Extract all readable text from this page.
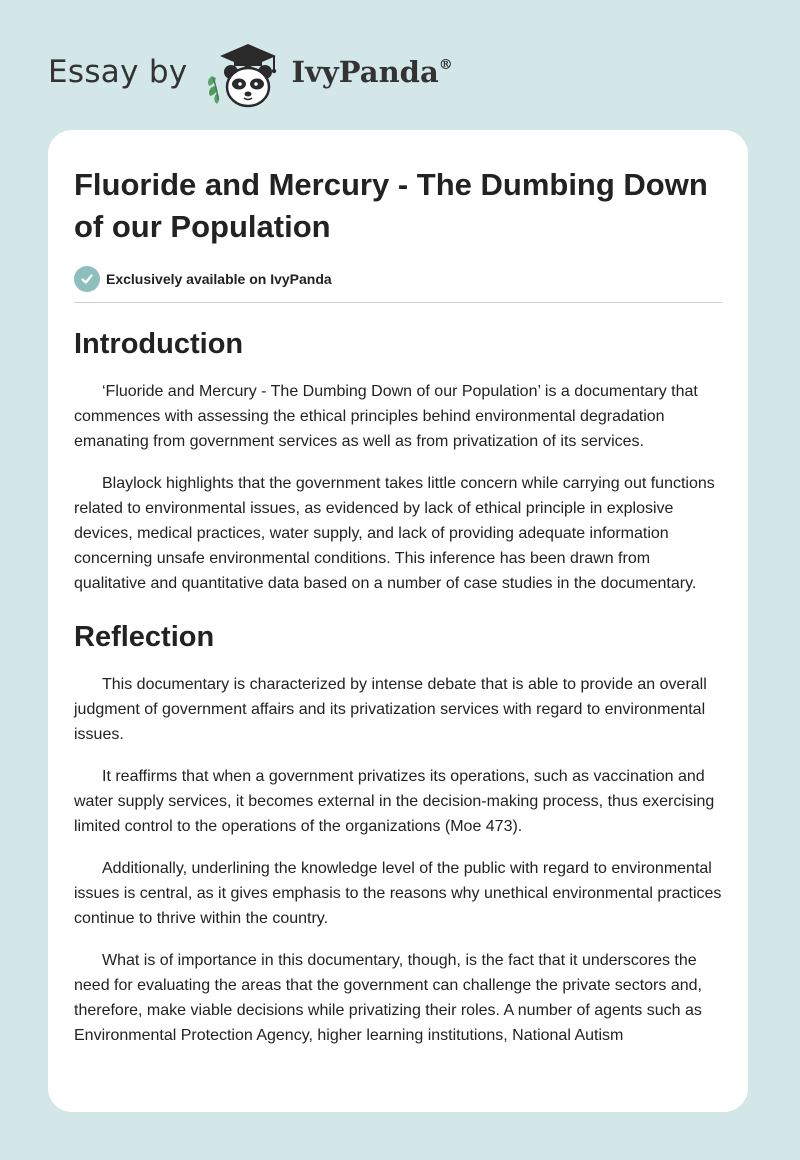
Essay by	IvyPanda®
Fluoride and Mercury - The Dumbing Down of our Population
Exclusively available on IvyPanda
Introduction

‘Fluoride and Mercury - The Dumbing Down of our Population’ is a documentary that commences with assessing the ethical principles behind environmental degradation emanating from government services as well as from privatization of its services.

Blaylock highlights that the government takes little concern while carrying out functions related to environmental issues, as evidenced by lack of ethical principle in explosive devices, medical practices, water supply, and lack of providing adequate information concerning unsafe environmental conditions. This inference has been drawn from qualitative and quantitative data based on a number of case studies in the documentary.

Reflection

This documentary is characterized by intense debate that is able to provide an overall judgment of government affairs and its privatization services with regard to environmental issues.

It reaffirms that when a government privatizes its operations, such as vaccination and water supply services, it becomes external in the decision-making process, thus exercising limited control to the operations of the organizations (Moe 473).

Additionally, underlining the knowledge level of the public with regard to environmental issues is central, as it gives emphasis to the reasons why unethical environmental practices continue to thrive within the country.

What is of importance in this documentary, though, is the fact that it underscores the need for evaluating the areas that the government can challenge the private sectors and, therefore, make viable decisions while privatizing their roles. A number of agents such as Environmental Protection Agency, higher learning institutions, National Autism
